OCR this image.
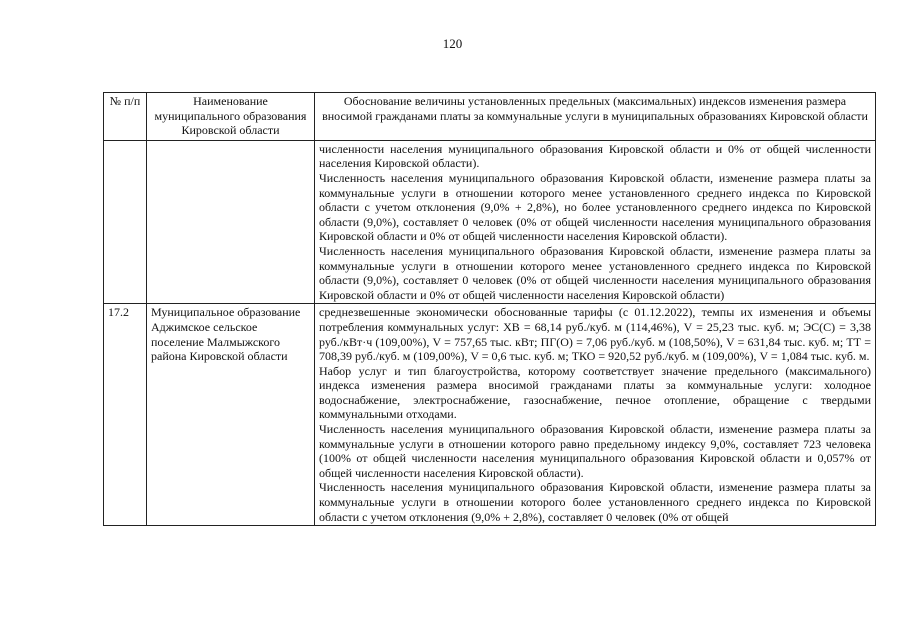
120
№ п/п	Наименование муниципального образования Кировской области	Обоснование величины установленных предельных (максимальных) индексов изменения размера вносимой гражданами платы за коммунальные услуги в муниципальных образованиях Кировской области

		численности населения муниципального образования Кировской области и 0% от общей численности населения Кировской области).

Численность населения муниципального образования Кировской области, изменение размера платы за коммунальные услуги в отношении которого менее установленного среднего индекса по Кировской области с учетом отклонения (9,0% + 2,8%), но более установленного среднего индекса по Кировской области (9,0%), составляет 0 человек (0% от общей численности населения муниципального образования Кировской области и 0% от общей численности населения Кировской области).

Численность населения муниципального образования Кировской области, изменение размера платы за коммунальные услуги в отношении которого менее установленного среднего индекса по Кировской области (9,0%), составляет 0 человек (0% от общей численности населения муниципального образования Кировской области и 0% от общей численности населения Кировской области)

17.2	Муниципальное образование Аджимское сельское поселение Малмыжского района Кировской области	среднезвешенные экономически обоснованные тарифы (с 01.12.2022), темпы их изменения и объемы потребления коммунальных услуг: ХВ = 68,14 руб./куб. м (114,46%), V = 25,23 тыс. куб. м; ЭС(С) = 3,38 руб./кВт·ч (109,00%), V = 757,65 тыс. кВт; ПГ(О) = 7,06 руб./куб. м (108,50%), V = 631,84 тыс. куб. м; ТТ = 708,39 руб./куб. м (109,00%), V = 0,6 тыс. куб. м; ТКО = 920,52 руб./куб. м (109,00%), V = 1,084 тыс. куб. м.

Набор услуг и тип благоустройства, которому соответствует значение предельного (максимального) индекса изменения размера вносимой гражданами платы за коммунальные услуги: холодное водоснабжение, электроснабжение, газоснабжение, печное отопление, обращение с твердыми коммунальными отходами.

Численность населения муниципального образования Кировской области, изменение размера платы за коммунальные услуги в отношении которого равно предельному индексу 9,0%, составляет 723 человека (100% от общей численности населения муниципального образования Кировской области и 0,057% от общей численности населения Кировской области).

Численность населения муниципального образования Кировской области, изменение размера платы за коммунальные услуги в отношении которого более установленного среднего индекса по Кировской области с учетом отклонения (9,0% + 2,8%), составляет 0 человек (0% от общей
